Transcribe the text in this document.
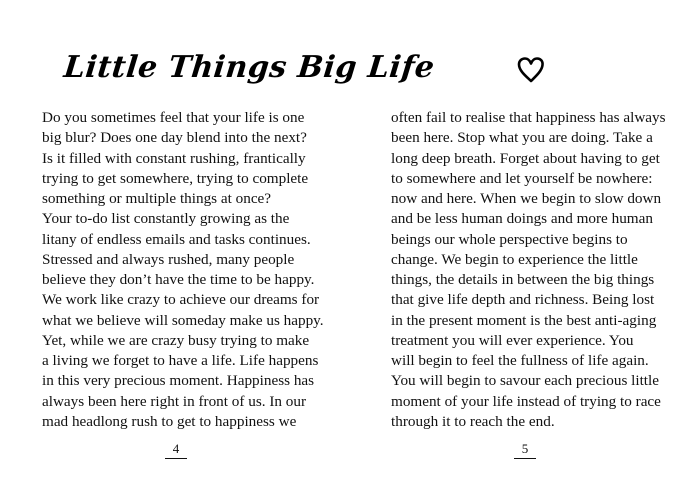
Little Things Big Life
Do you sometimes feel that your life is one
big blur? Does one day blend into the next?
Is it filled with constant rushing, frantically
trying to get somewhere, trying to complete
something or multiple things at once?
Your to-do list constantly growing as the
litany of endless emails and tasks continues.
Stressed and always rushed, many people
believe they don’t have the time to be happy.
We work like crazy to achieve our dreams for
what we believe will someday make us happy.
Yet, while we are crazy busy trying to make
a living we forget to have a life. Life happens
in this very precious moment. Happiness has
always been here right in front of us. In our
mad headlong rush to get to happiness we
4
often fail to realise that happiness has always
been here. Stop what you are doing. Take a
long deep breath. Forget about having to get
to somewhere and let yourself be nowhere:
now and here. When we begin to slow down
and be less human doings and more human
beings our whole perspective begins to
change. We begin to experience the little
things, the details in between the big things
that give life depth and richness. Being lost
in the present moment is the best anti-aging
treatment you will ever experience. You
will begin to feel the fullness of life again.
You will begin to savour each precious little
moment of your life instead of trying to race
through it to reach the end.
5
